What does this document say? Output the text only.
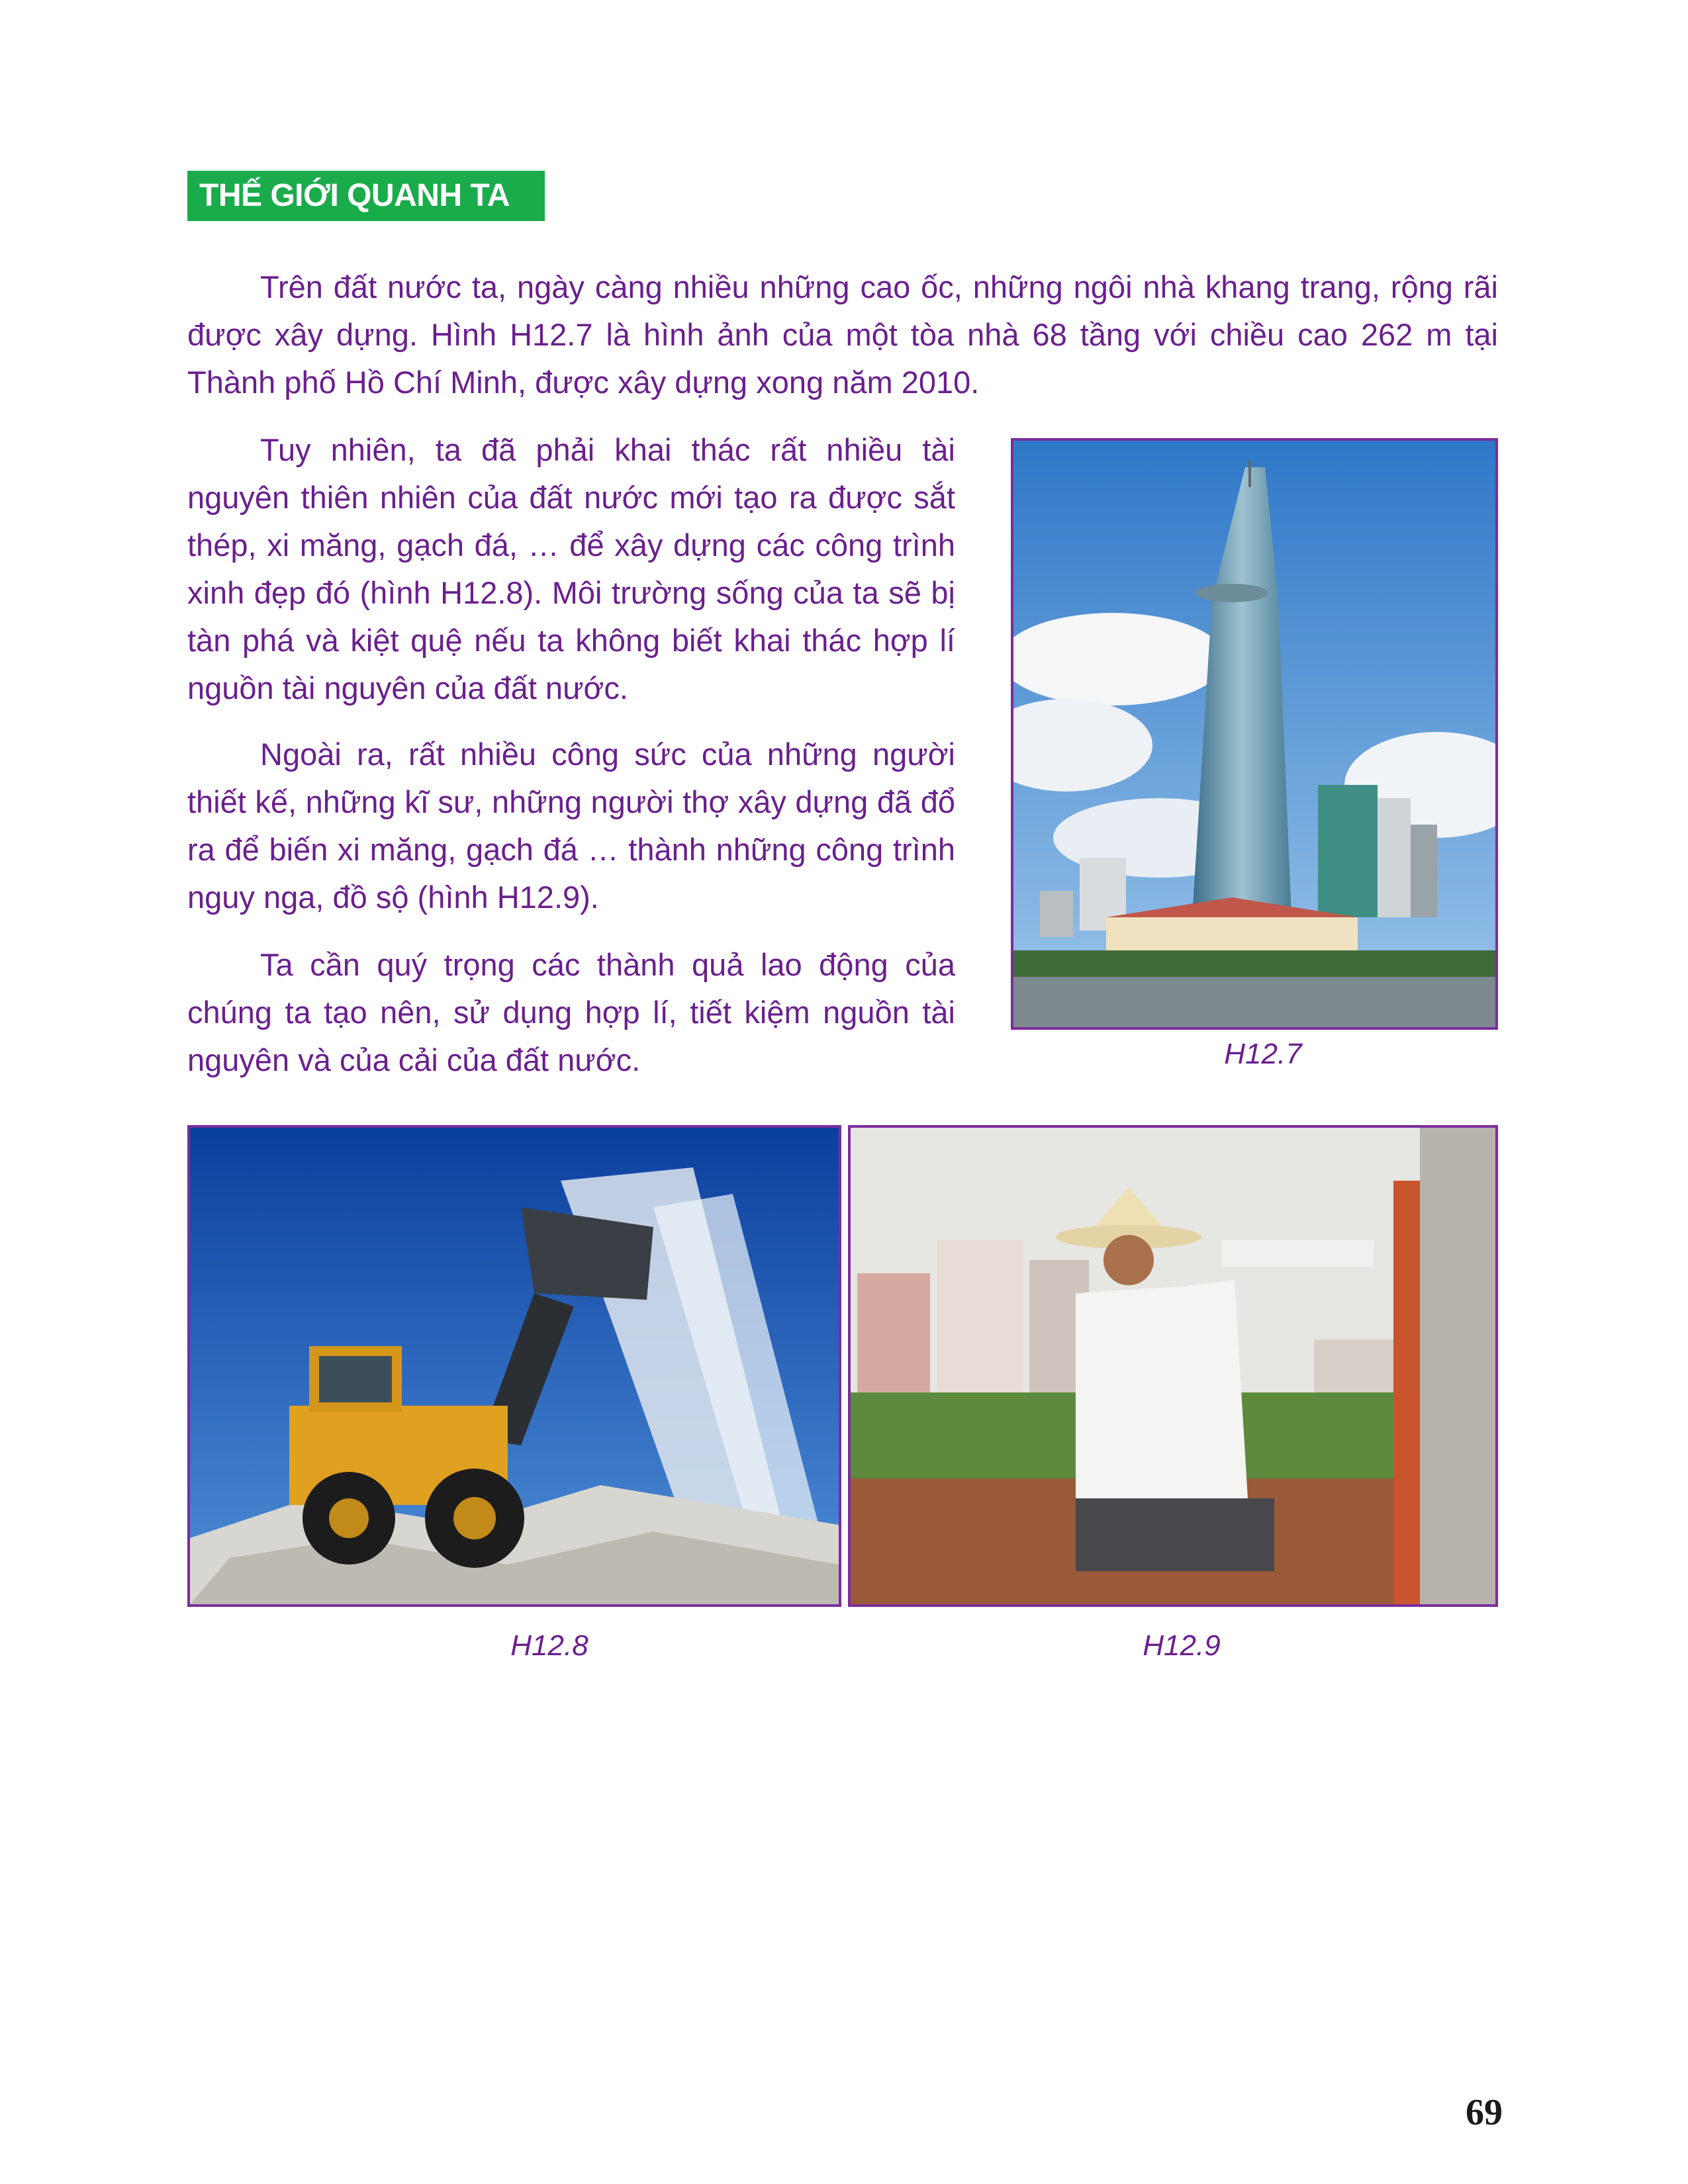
THẾ GIỚI QUANH TA

Trên đất nước ta, ngày càng nhiều những cao ốc, những ngôi nhà khang trang, rộng rãi được xây dựng. Hình H12.7 là hình ảnh của một tòa nhà 68 tầng với chiều cao 262 m tại Thành phố Hồ Chí Minh, được xây dựng xong năm 2010.

Tuy nhiên, ta đã phải khai thác rất nhiều tài nguyên thiên nhiên của đất nước mới tạo ra được sắt thép, xi măng, gạch đá, … để xây dựng các công trình xinh đẹp đó (hình H12.8). Môi trường sống của ta sẽ bị tàn phá và kiệt quệ nếu ta không biết khai thác hợp lí nguồn tài nguyên của đất nước.

Ngoài ra, rất nhiều công sức của những người thiết kế, những kĩ sư, những người thợ xây dựng đã đổ ra để biến xi măng, gạch đá … thành những công trình nguy nga, đồ sộ (hình H12.9).

Ta cần quý trọng các thành quả lao động của chúng ta tạo nên, sử dụng hợp lí, tiết kiệm nguồn tài nguyên và của cải của đất nước.	H12.7
H12.8	H12.9
69
